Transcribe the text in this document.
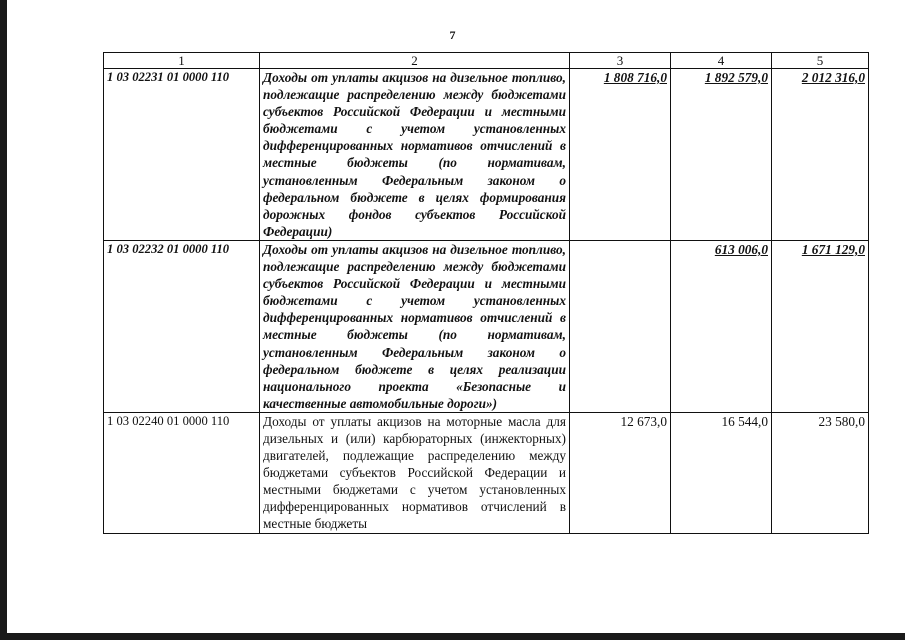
7
1	2	3	4	5
1 03 02231 01 0000 110	Доходы от уплаты акцизов на дизельное топливо, подлежащие распределению между бюджетами субъектов Российской Федерации и местными бюджетами с учетом установленных дифференцированных нормативов отчислений в местные бюджеты (по нормативам, установленным Федеральным законом о федеральном бюджете в целях формирования дорожных фондов субъектов Российской Федерации)	1 808 716,0	1 892 579,0	2 012 316,0
1 03 02232 01 0000 110	Доходы от уплаты акцизов на дизельное топливо, подлежащие распределению между бюджетами субъектов Российской Федерации и местными бюджетами с учетом установленных дифференцированных нормативов отчислений в местные бюджеты (по нормативам, установленным Федеральным законом о федеральном бюджете в целях реализации национального проекта «Безопасные и качественные автомобильные дороги»)		613 006,0	1 671 129,0
1 03 02240 01 0000 110	Доходы от уплаты акцизов на моторные масла для дизельных и (или) карбюраторных (инжекторных) двигателей, подлежащие распределению между бюджетами субъектов Российской Федерации и местными бюджетами с учетом установленных дифференцированных нормативов отчислений в местные бюджеты	12 673,0	16 544,0	23 580,0
